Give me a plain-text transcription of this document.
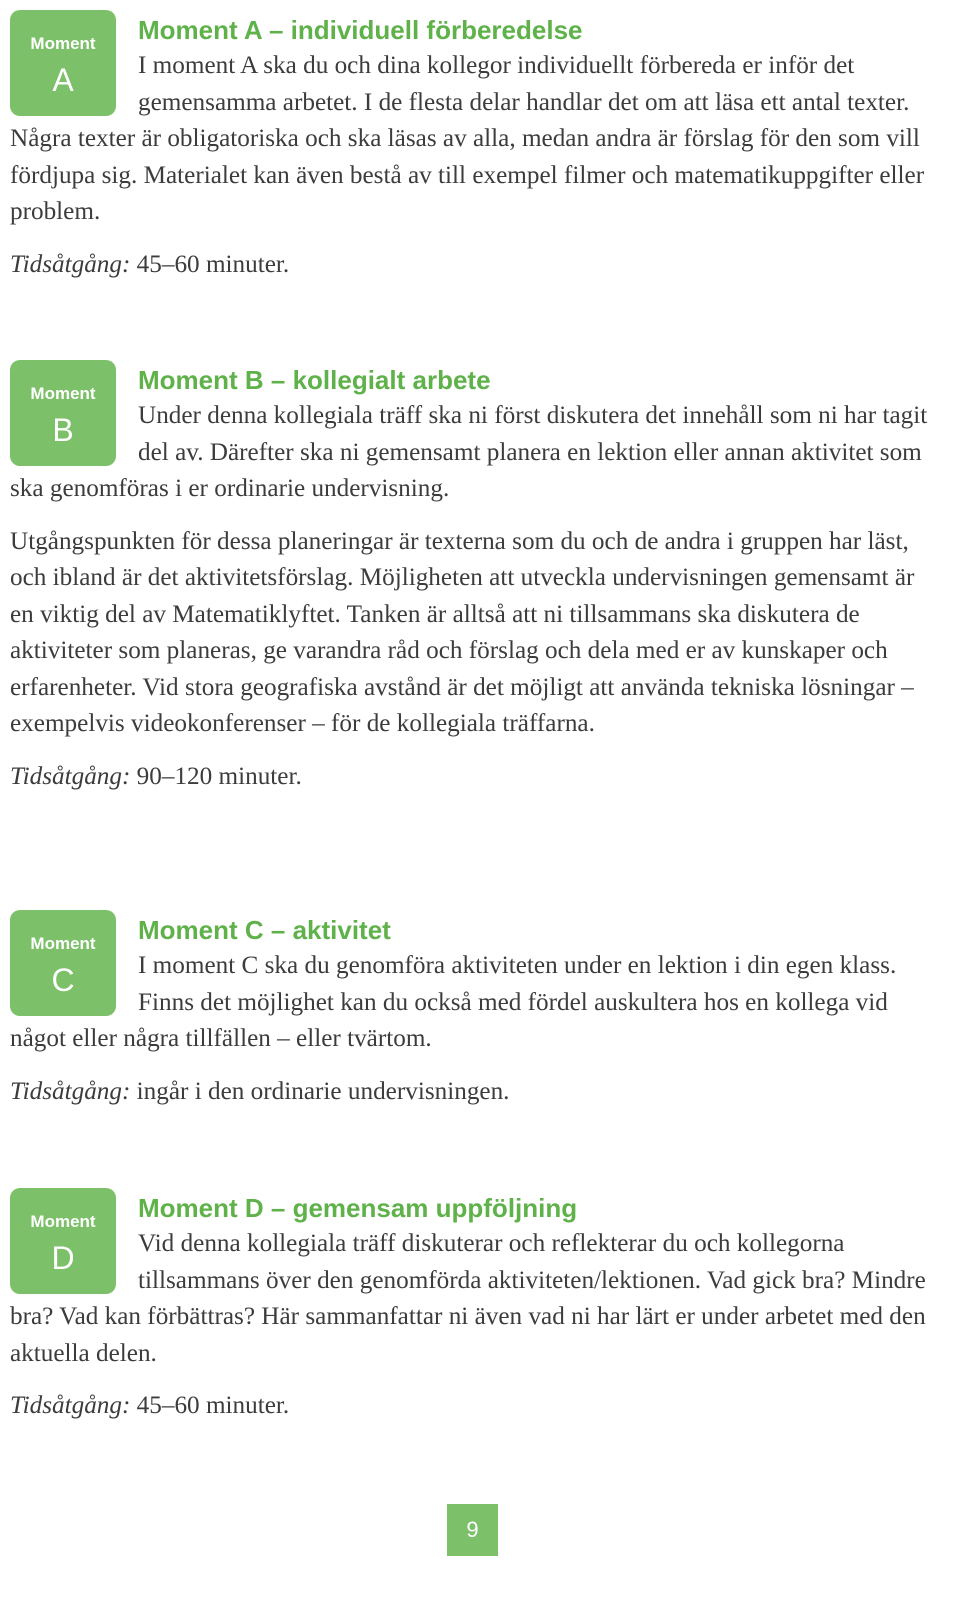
Moment
A
Moment A – individuell förberedelse

I moment A ska du och dina kollegor individuellt förbereda er inför det gemensamma arbetet. I de flesta delar handlar det om att läsa ett antal texter. Några texter är obligatoriska och ska läsas av alla, medan andra är förslag för den som vill fördjupa sig. Materialet kan även bestå av till exempel filmer och matematikuppgifter eller problem.

Tidsåtgång: 45–60 minuter.

Moment
B
Moment B – kollegialt arbete

Under denna kollegiala träff ska ni först diskutera det innehåll som ni har tagit del av. Därefter ska ni gemensamt planera en lektion eller annan aktivitet som ska genomföras i er ordinarie undervisning.

Utgångspunkten för dessa planeringar är texterna som du och de andra i gruppen har läst, och ibland är det aktivitetsförslag. Möjligheten att utveckla undervisningen gemensamt är en viktig del av Matematiklyftet. Tanken är alltså att ni tillsammans ska diskutera de aktiviteter som planeras, ge varandra råd och förslag och dela med er av kunskaper och erfarenheter. Vid stora geografiska avstånd är det möjligt att använda tekniska lösningar – exempelvis videokonferenser – för de kollegiala träffarna.

Tidsåtgång: 90–120 minuter.

Moment
C
Moment C – aktivitet

I moment C ska du genomföra aktiviteten under en lektion i din egen klass. Finns det möjlighet kan du också med fördel auskultera hos en kollega vid något eller några tillfällen – eller tvärtom.

Tidsåtgång: ingår i den ordinarie undervisningen.

Moment
D
Moment D – gemensam uppföljning

Vid denna kollegiala träff diskuterar och reflekterar du och kollegorna tillsammans över den genomförda aktiviteten/lektionen. Vad gick bra? Mindre bra? Vad kan förbättras? Här sammanfattar ni även vad ni har lärt er under arbetet med den aktuella delen.

Tidsåtgång: 45–60 minuter.

9
